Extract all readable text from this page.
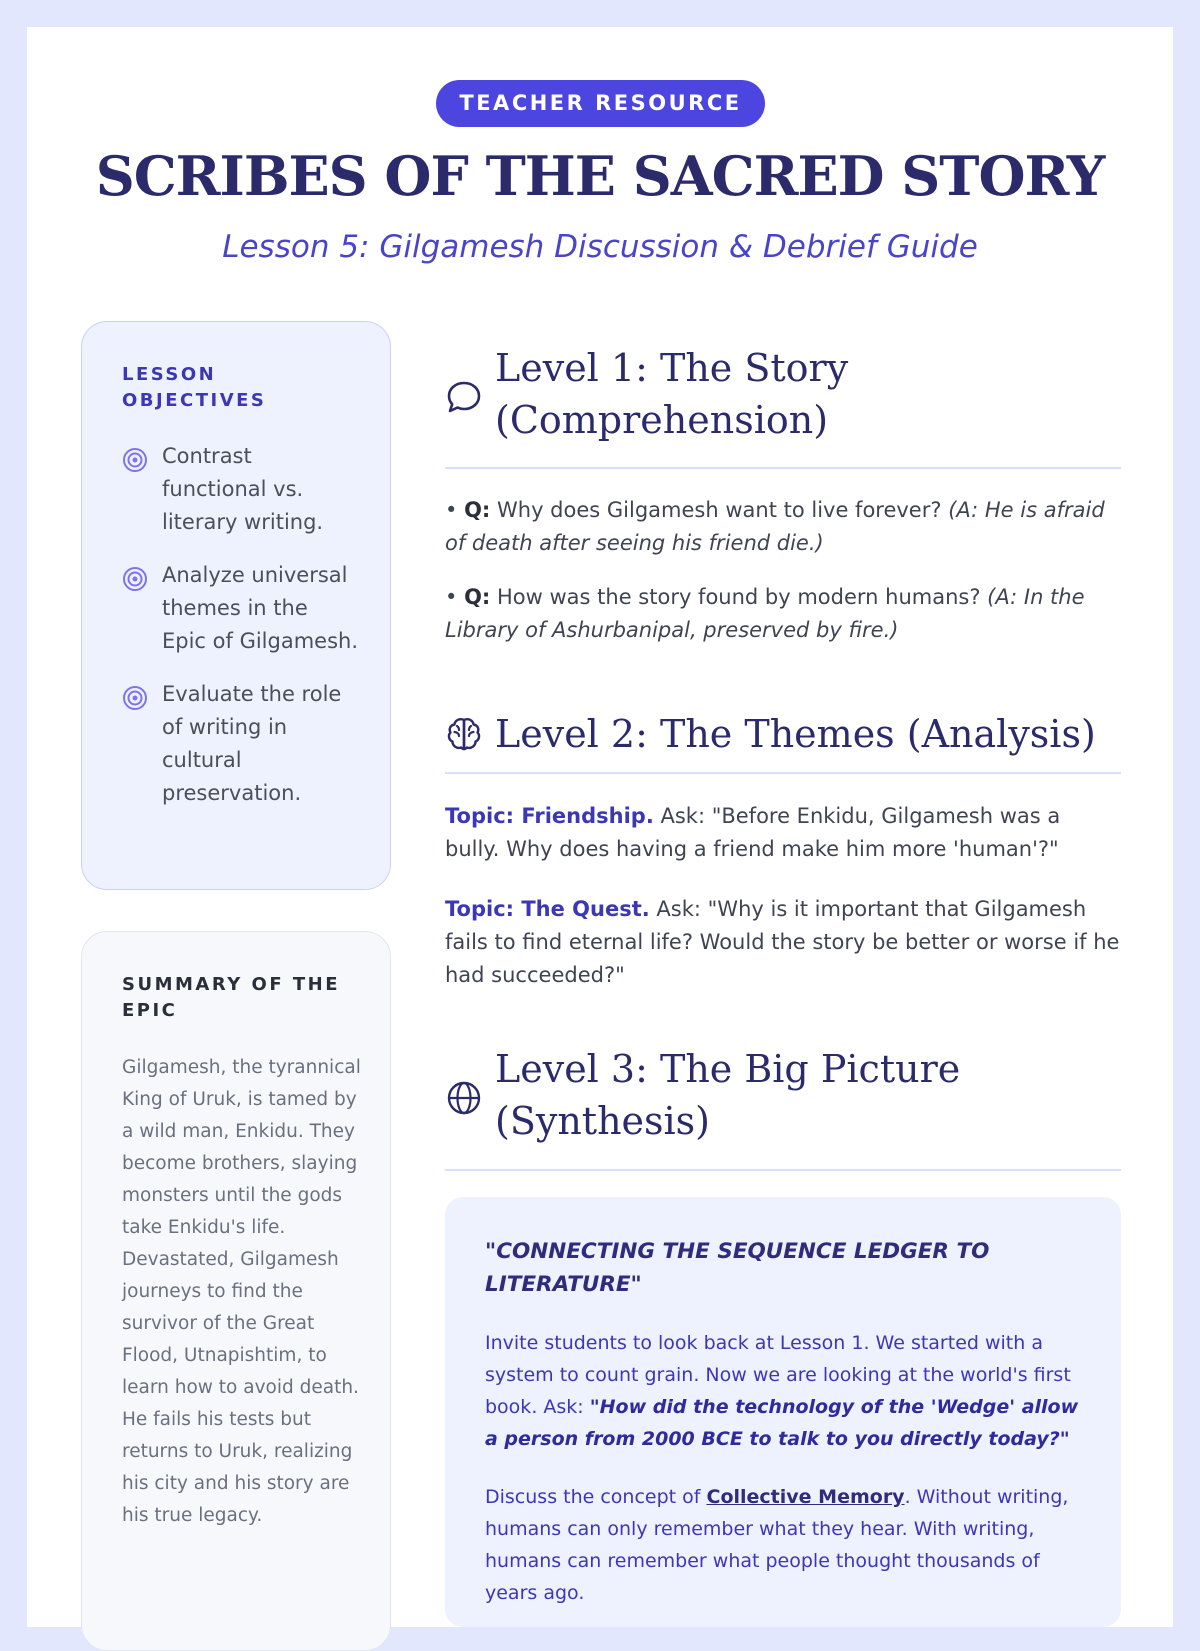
TEACHER RESOURCE
SCRIBES OF THE SACRED STORY
Lesson 5: Gilgamesh Discussion & Debrief Guide
LESSON
OBJECTIVES
Contrast functional vs. literary writing.
Analyze universal themes in the Epic of Gilgamesh.
Evaluate the role of writing in cultural preservation.
SUMMARY OF THE
EPIC

Gilgamesh, the tyrannical King of Uruk, is tamed by a wild man, Enkidu. They become brothers, slaying monsters until the gods take Enkidu's life. Devastated, Gilgamesh journeys to find the survivor of the Great Flood, Utnapishtim, to learn how to avoid death. He fails his tests but returns to Uruk, realizing his city and his story are his true legacy.

Level 1: The Story
(Comprehension)

• Q: Why does Gilgamesh want to live forever? (A: He is afraid of death after seeing his friend die.)

• Q: How was the story found by modern humans? (A: In the Library of Ashurbanipal, preserved by fire.)

Level 2: The Themes (Analysis)

Topic: Friendship. Ask: "Before Enkidu, Gilgamesh was a bully. Why does having a friend make him more 'human'?"

Topic: The Quest. Ask: "Why is it important that Gilgamesh fails to find eternal life? Would the story be better or worse if he had succeeded?"

Level 3: The Big Picture
(Synthesis)
"CONNECTING THE SEQUENCE LEDGER TO LITERATURE"

Invite students to look back at Lesson 1. We started with a system to count grain. Now we are looking at the world's first book. Ask: "How did the technology of the 'Wedge' allow a person from 2000 BCE to talk to you directly today?"

Discuss the concept of Collective Memory. Without writing, humans can only remember what they hear. With writing, humans can remember what people thought thousands of years ago.
